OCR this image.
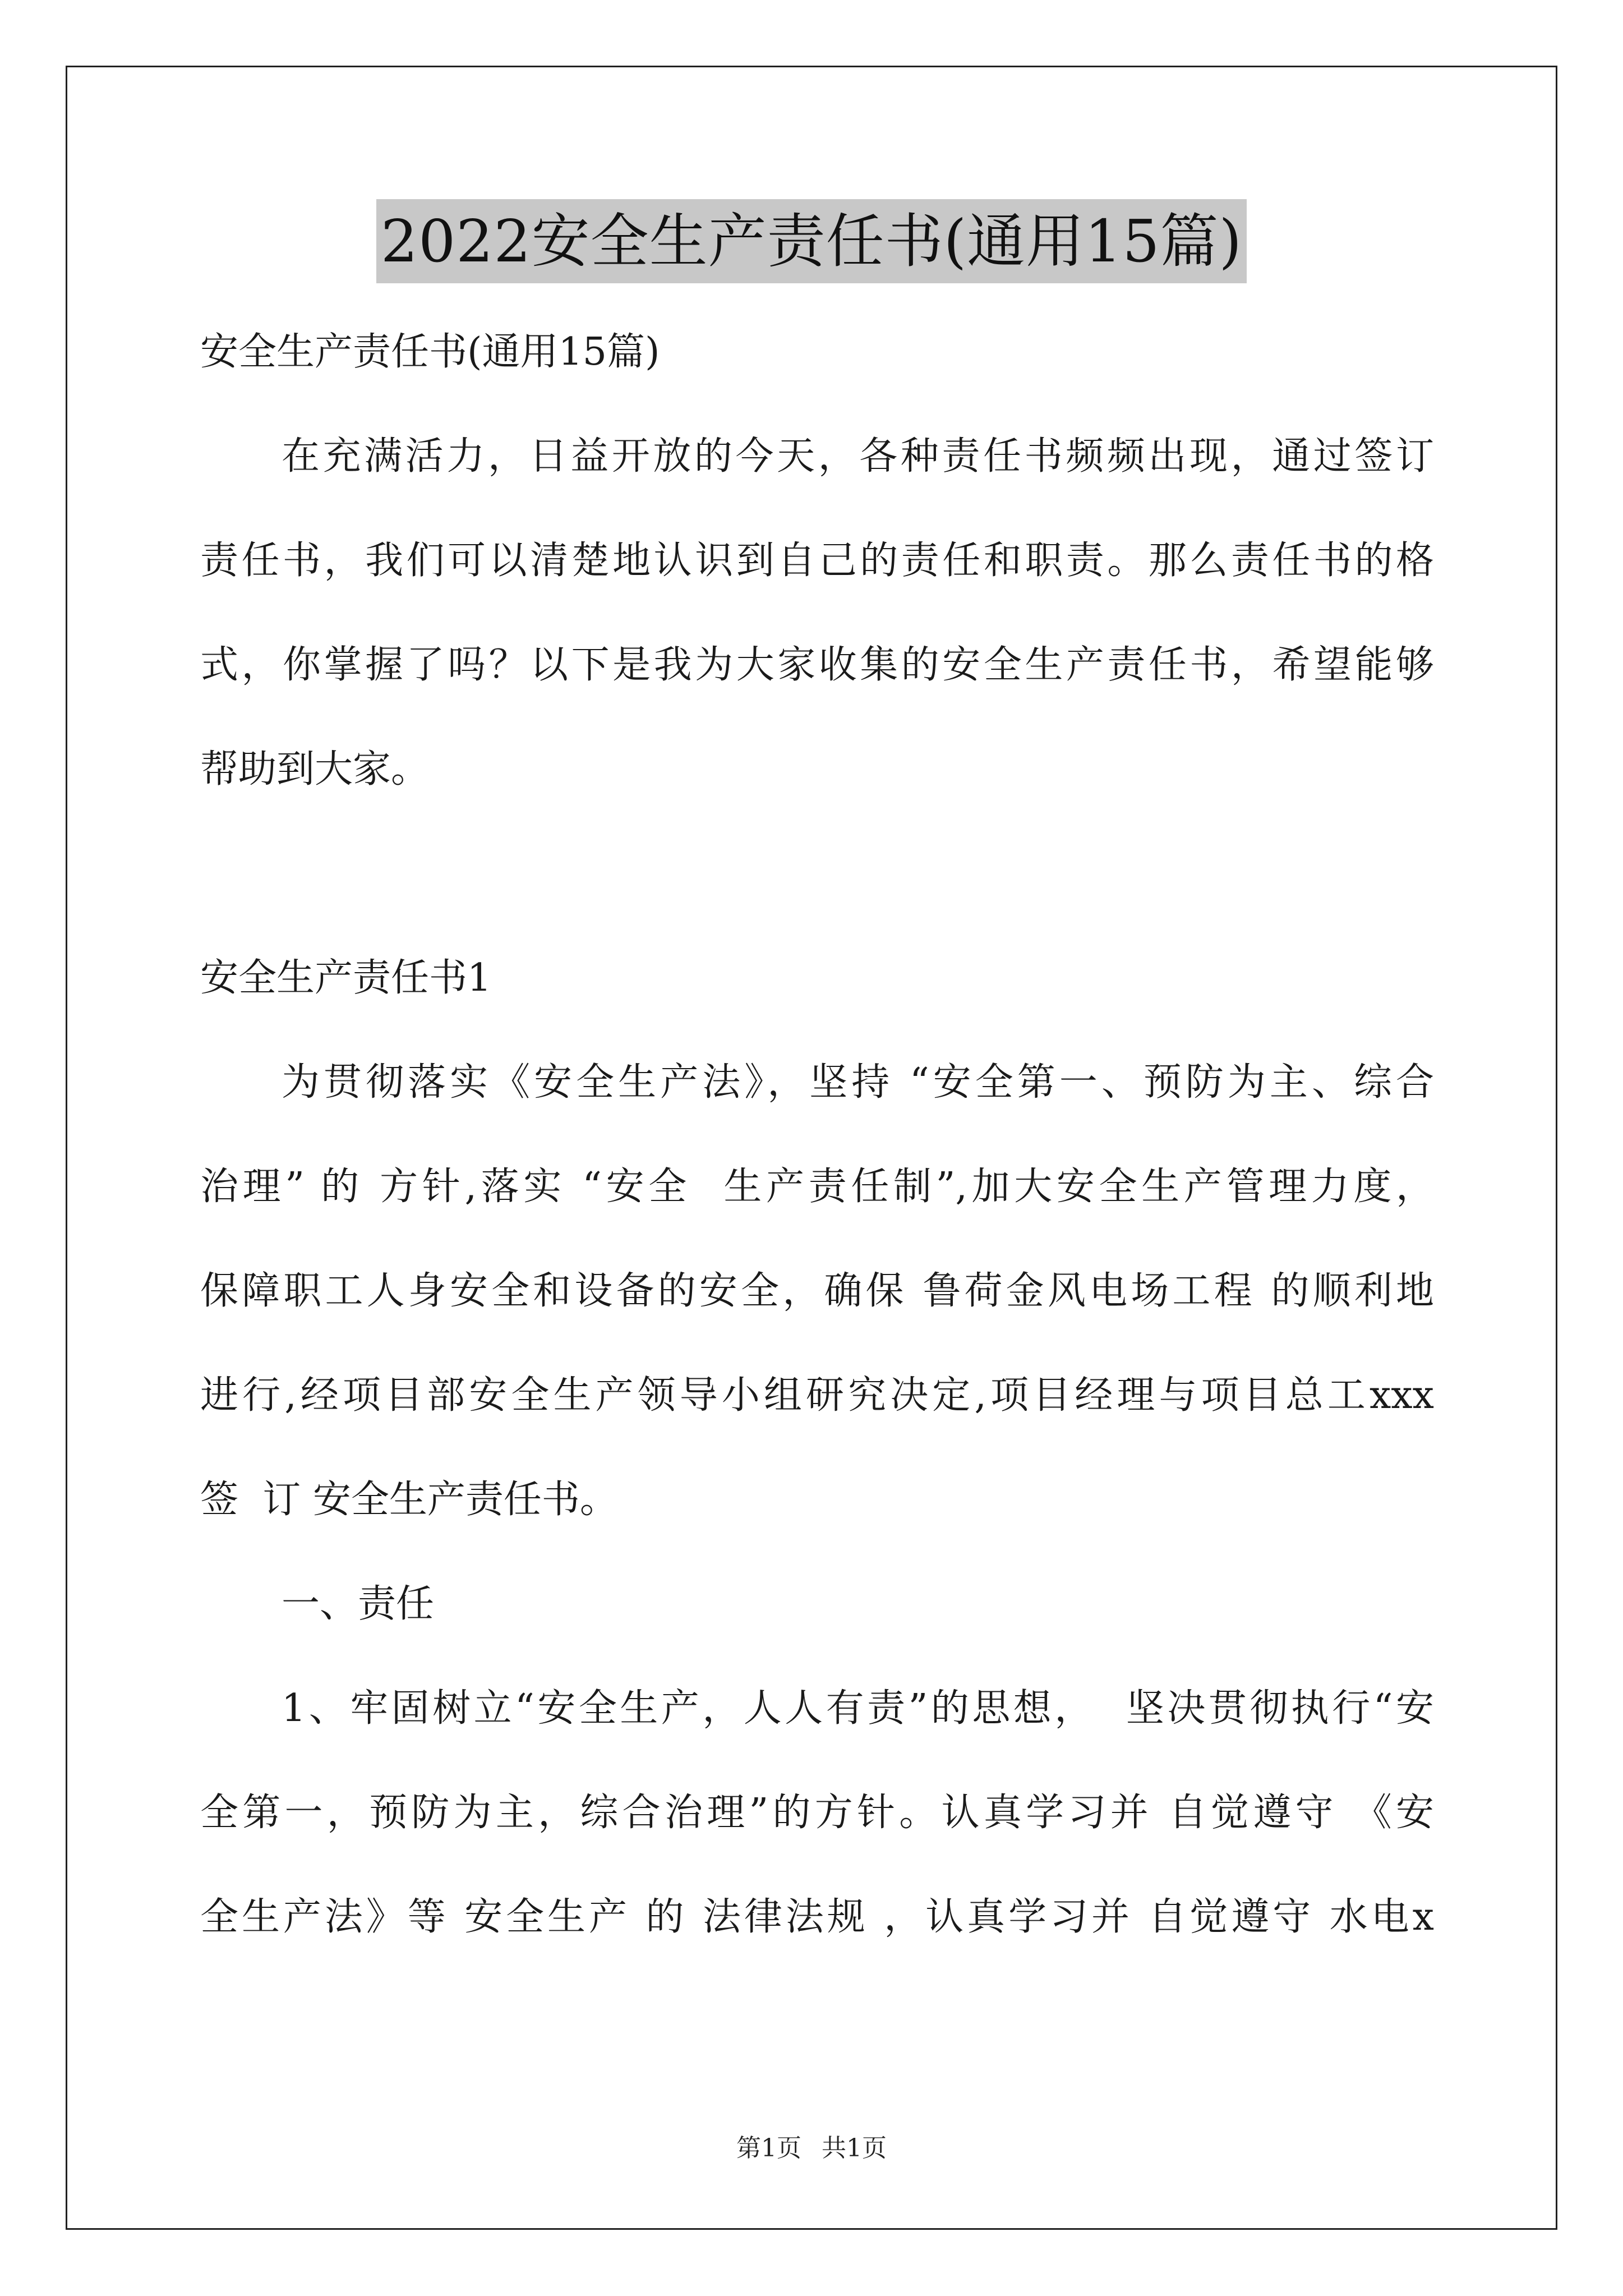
2022安全生产责任书(通用15篇)
安全生产责任书(通用15篇)
在充满活力，日益开放的今天，各种责任书频频出现，通过签订
责任书，我们可以清楚地认识到自己的责任和职责。那么责任书的格
式，你掌握了吗？以下是我为大家收集的安全生产责任书，希望能够
帮助到大家。
安全生产责任书1
为贯彻落实《安全生产法》，坚持 “安全第一、预防为主、综合
治理” 的 方针,落实 “安全  生产责任制”,加大安全生产管理力度，
保障职工人身安全和设备的安全，确保 鲁荷金风电场工程 的顺利地
进行,经项目部安全生产领导小组研究决定,项目经理与项目总工xxx
签  订 安全生产责任书。
一、责任
1、牢固树立“安全生产，人人有责”的思想，  坚决贯彻执行“安
全第一，预防为主，综合治理”的方针。认真学习并 自觉遵守 《安
全生产法》等 安全生产 的 法律法规 ，认真学习并 自觉遵守 水电x
第1页 共1页
